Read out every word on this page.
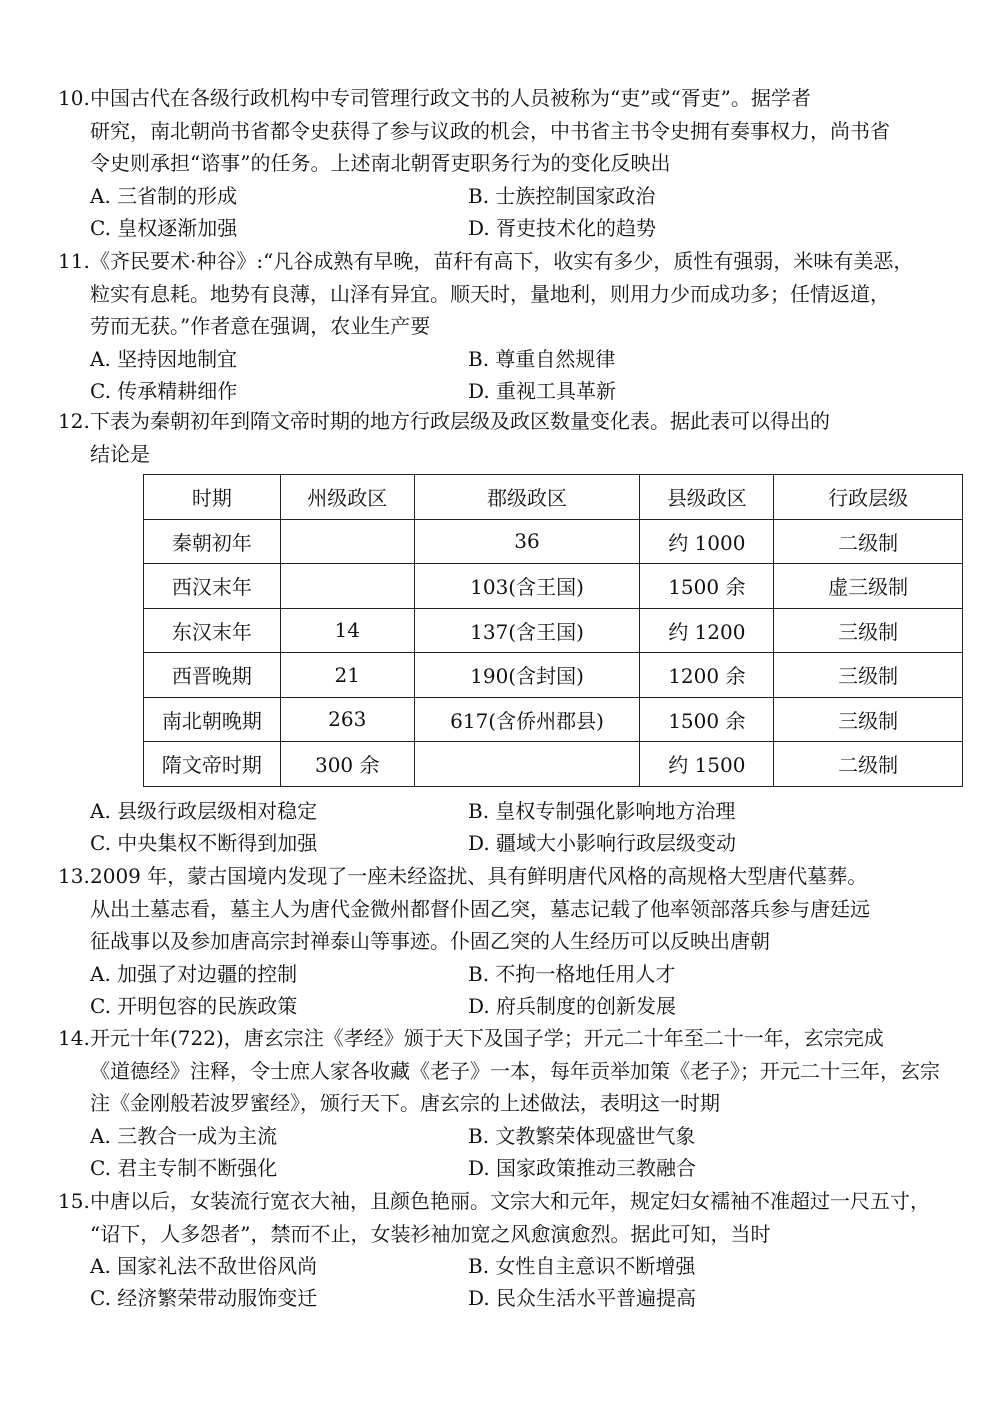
10.中国古代在各级行政机构中专司管理行政文书的人员被称为“吏”或“胥吏”。据学者

研究，南北朝尚书省都令史获得了参与议政的机会，中书省主书令史拥有奏事权力，尚书省

令史则承担“谘事”的任务。上述南北朝胥吏职务行为的变化反映出

A. 三省制的形成	B. 士族控制国家政治
C. 皇权逐渐加强	D. 胥吏技术化的趋势

11.《齐民要术·种谷》:“凡谷成熟有早晚，苗秆有高下，收实有多少，质性有强弱，米味有美恶，

粒实有息耗。地势有良薄，山泽有异宜。顺天时，量地利，则用力少而成功多；任情返道，

劳而无获。”作者意在强调，农业生产要

A. 坚持因地制宜	B. 尊重自然规律
C. 传承精耕细作	D. 重视工具革新

12.下表为秦朝初年到隋文帝时期的地方行政层级及政区数量变化表。据此表可以得出的

结论是

时期	州级政区	郡级政区	县级政区	行政层级
秦朝初年		36	约 1000	二级制
西汉末年		103(含王国)	1500 余	虚三级制
东汉末年	14	137(含王国)	约 1200	三级制
西晋晚期	21	190(含封国)	1200 余	三级制
南北朝晚期	263	617(含侨州郡县)	1500 余	三级制
隋文帝时期	300 余		约 1500	二级制
A. 县级行政层级相对稳定	B. 皇权专制强化影响地方治理
C. 中央集权不断得到加强	D. 疆域大小影响行政层级变动

13.2009 年，蒙古国境内发现了一座未经盗扰、具有鲜明唐代风格的高规格大型唐代墓葬。

从出土墓志看，墓主人为唐代金微州都督仆固乙突，墓志记载了他率领部落兵参与唐廷远

征战事以及参加唐高宗封禅泰山等事迹。仆固乙突的人生经历可以反映出唐朝

A. 加强了对边疆的控制	B. 不拘一格地任用人才
C. 开明包容的民族政策	D. 府兵制度的创新发展

14.开元十年(722)，唐玄宗注《孝经》颁于天下及国子学；开元二十年至二十一年，玄宗完成

《道德经》注释，令士庶人家各收藏《老子》一本，每年贡举加策《老子》；开元二十三年，玄宗

注《金刚般若波罗蜜经》，颁行天下。唐玄宗的上述做法，表明这一时期

A. 三教合一成为主流	B. 文教繁荣体现盛世气象
C. 君主专制不断强化	D. 国家政策推动三教融合

15.中唐以后，女装流行宽衣大袖，且颜色艳丽。文宗大和元年，规定妇女襦袖不准超过一尺五寸，

“诏下，人多怨者”，禁而不止，女装衫袖加宽之风愈演愈烈。据此可知，当时

A. 国家礼法不敌世俗风尚	B. 女性自主意识不断增强
C. 经济繁荣带动服饰变迁	D. 民众生活水平普遍提高
